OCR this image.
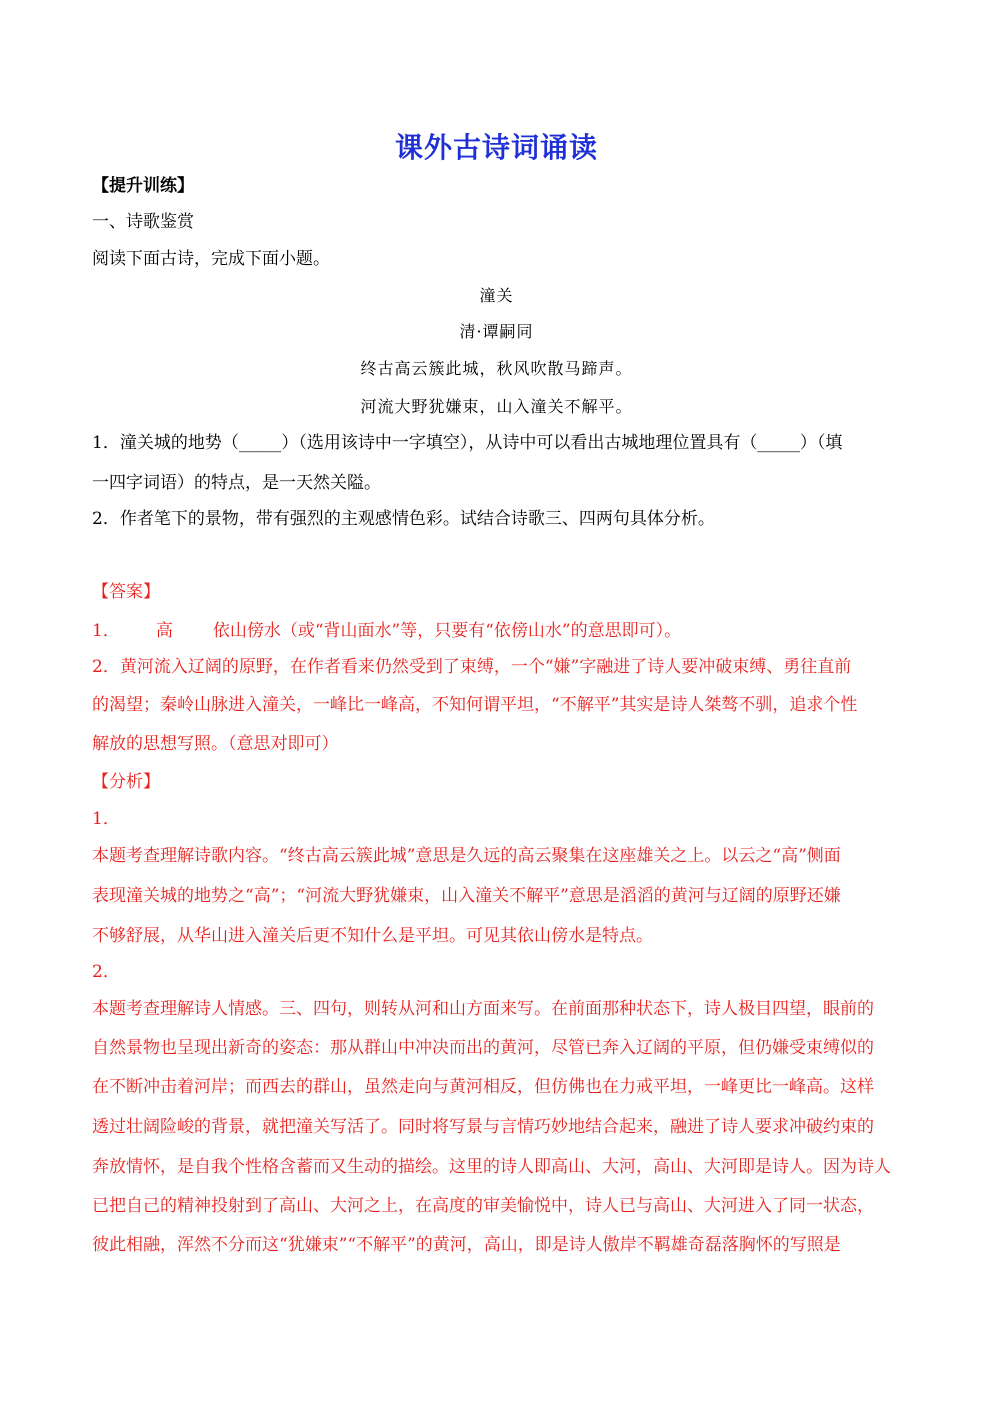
课外古诗词诵读
【提升训练】
一、诗歌鉴赏
阅读下面古诗，完成下面小题。
潼关
清·谭嗣同
终古高云簇此城，秋风吹散马蹄声。
河流大野犹嫌束，山入潼关不解平。
1．潼关城的地势（_____）（选用该诗中一字填空），从诗中可以看出古城地理位置具有（_____）（填
一四字词语）的特点，是一天然关隘。
2．作者笔下的景物，带有强烈的主观感情色彩。试结合诗歌三、四两句具体分析。
【答案】
1． 高 依山傍水（或“背山面水”等，只要有“依傍山水”的意思即可）。
2．黄河流入辽阔的原野，在作者看来仍然受到了束缚，一个“嫌”字融进了诗人要冲破束缚、勇往直前
的渴望；秦岭山脉进入潼关，一峰比一峰高，不知何谓平坦，“不解平”其实是诗人桀骜不驯，追求个性
解放的思想写照。（意思对即可）
【分析】
1．
本题考查理解诗歌内容。“终古高云簇此城”意思是久远的高云聚集在这座雄关之上。以云之“高”侧面
表现潼关城的地势之“高”；“河流大野犹嫌束，山入潼关不解平”意思是滔滔的黄河与辽阔的原野还嫌
不够舒展，从华山进入潼关后更不知什么是平坦。可见其依山傍水是特点。
2．
本题考查理解诗人情感。三、四句，则转从河和山方面来写。在前面那种状态下，诗人极目四望，眼前的
自然景物也呈现出新奇的姿态：那从群山中冲决而出的黄河，尽管已奔入辽阔的平原，但仍嫌受束缚似的
在不断冲击着河岸；而西去的群山，虽然走向与黄河相反，但仿佛也在力戒平坦，一峰更比一峰高。这样
透过壮阔险峻的背景，就把潼关写活了。同时将写景与言情巧妙地结合起来，融进了诗人要求冲破约束的
奔放情怀，是自我个性格含蓄而又生动的描绘。这里的诗人即高山、大河，高山、大河即是诗人。因为诗人
已把自己的精神投射到了高山、大河之上，在高度的审美愉悦中，诗人已与高山、大河进入了同一状态，
彼此相融，浑然不分而这“犹嫌束”“不解平”的黄河，高山，即是诗人傲岸不羁雄奇磊落胸怀的写照是
